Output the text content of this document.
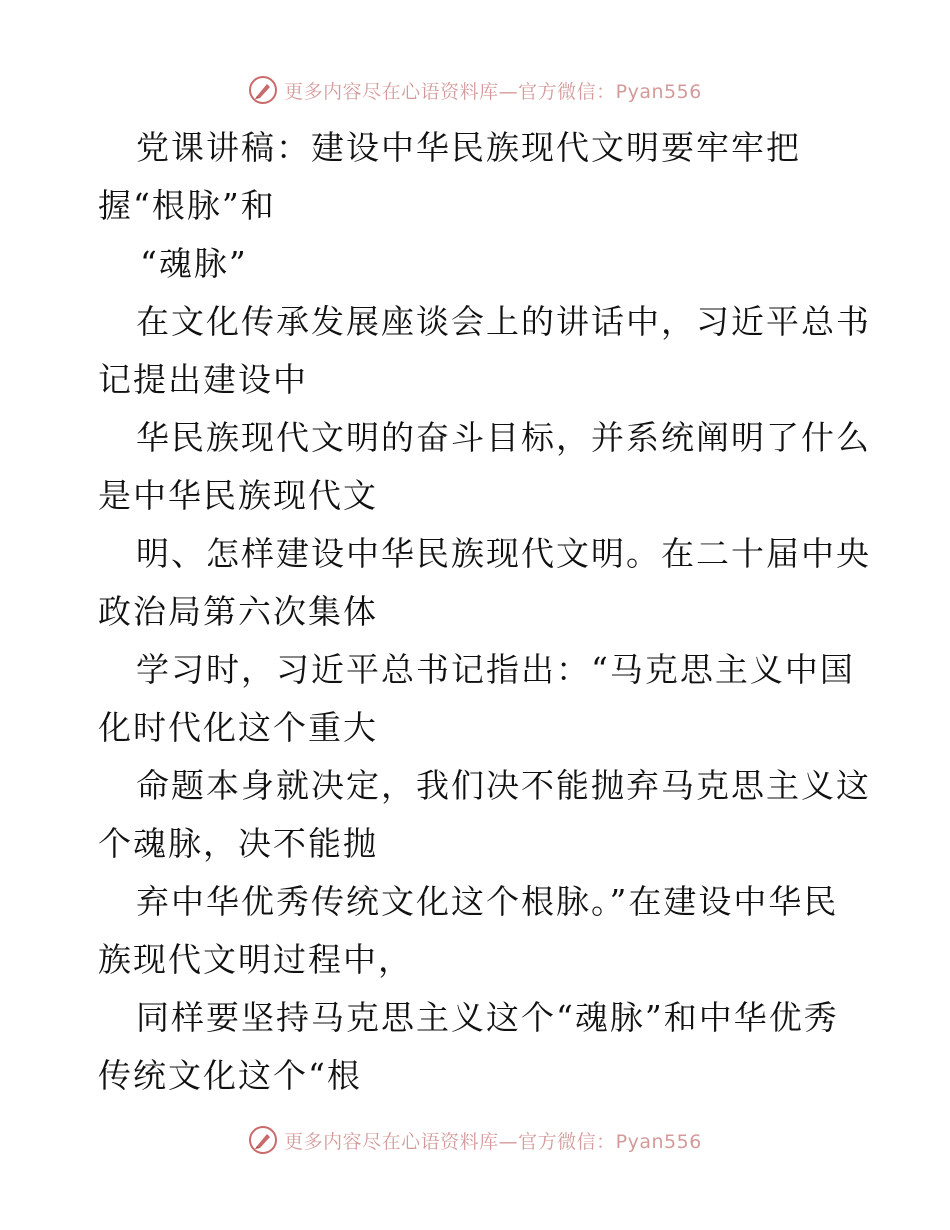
更多内容尽在心语资料库—官方微信：Pyan556
党课讲稿：建设中华民族现代文明要牢牢把
握“根脉”和
“魂脉”
在文化传承发展座谈会上的讲话中，习近平总书
记提出建设中
华民族现代文明的奋斗目标，并系统阐明了什么
是中华民族现代文
明、怎样建设中华民族现代文明。在二十届中央
政治局第六次集体
学习时，习近平总书记指出：“马克思主义中国
化时代化这个重大
命题本身就决定，我们决不能抛弃马克思主义这
个魂脉，决不能抛
弃中华优秀传统文化这个根脉。”在建设中华民
族现代文明过程中，
同样要坚持马克思主义这个“魂脉”和中华优秀
传统文化这个“根
更多内容尽在心语资料库—官方微信：Pyan556
